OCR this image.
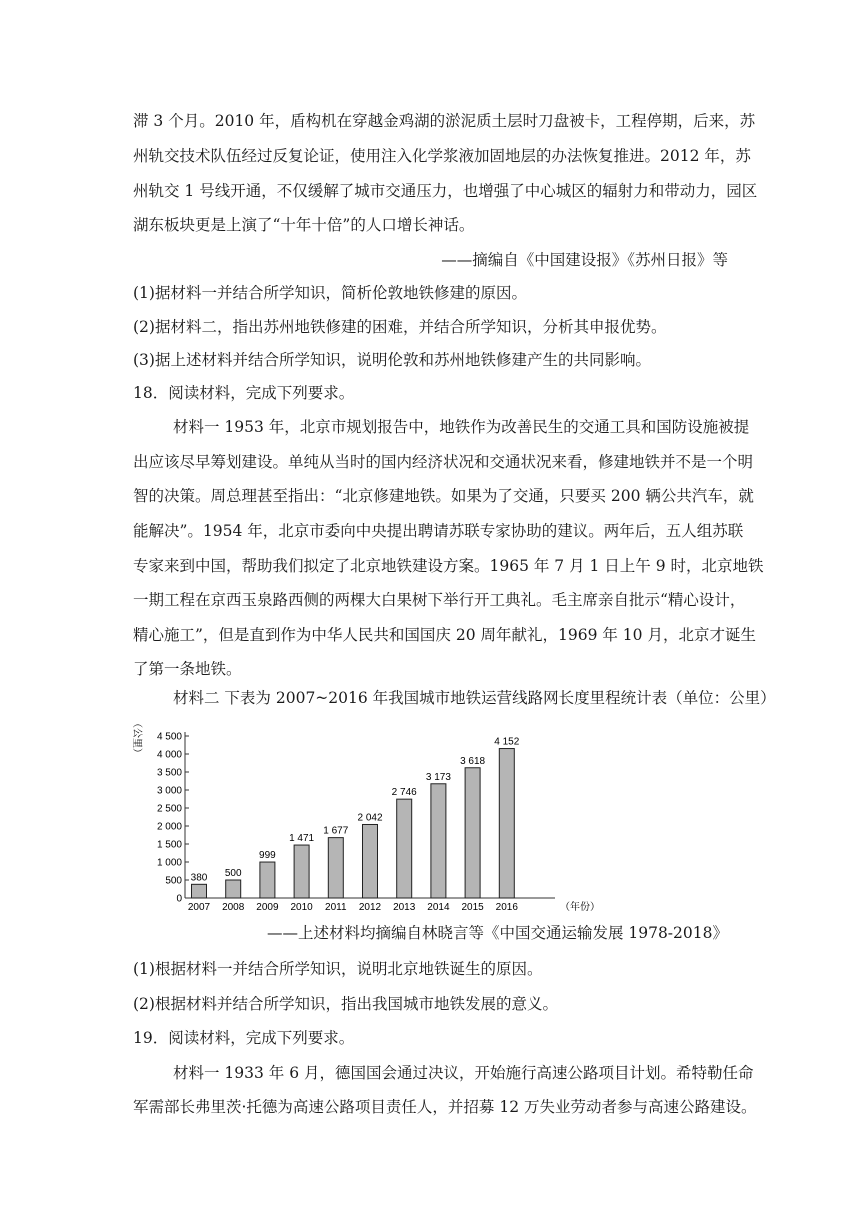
滞 3 个月。2010 年，盾构机在穿越金鸡湖的淤泥质土层时刀盘被卡，工程停期，后来，苏
州轨交技术队伍经过反复论证，使用注入化学浆液加固地层的办法恢复推进。2012 年，苏
州轨交 1 号线开通，不仅缓解了城市交通压力，也增强了中心城区的辐射力和带动力，园区
湖东板块更是上演了“十年十倍”的人口增长神话。
——摘编自《中国建设报》《苏州日报》等
(1)据材料一并结合所学知识，简析伦敦地铁修建的原因。
(2)据材料二，指出苏州地铁修建的困难，并结合所学知识，分析其申报优势。
(3)据上述材料并结合所学知识，说明伦敦和苏州地铁修建产生的共同影响。
18．阅读材料，完成下列要求。
材料一 1953 年，北京市规划报告中，地铁作为改善民生的交通工具和国防设施被提
出应该尽早筹划建设。单纯从当时的国内经济状况和交通状况来看，修建地铁并不是一个明
智的决策。周总理甚至指出：“北京修建地铁。如果为了交通，只要买 200 辆公共汽车，就
能解决”。1954 年，北京市委向中央提出聘请苏联专家协助的建议。两年后，五人组苏联
专家来到中国，帮助我们拟定了北京地铁建设方案。1965 年 7 月 1 日上午 9 时，北京地铁
一期工程在京西玉泉路西侧的两棵大白果树下举行开工典礼。毛主席亲自批示“精心设计，
精心施工”，但是直到作为中华人民共和国国庆 20 周年献礼，1969 年 10 月，北京才诞生
了第一条地铁。
材料二 下表为 2007~2016 年我国城市地铁运营线路网长度里程统计表（单位：公里）
0
500
1 000
1 500
2 000
2 500
3 000
3 500
4 000
4 500
380 500
999
1 471
1 677
2 042
2 746
3 173
3 618
4 152
2007 2008 2009 2010 2011 2012 2013 2014 2015 2016
（公里）
（年份）
——上述材料均摘编自林晓言等《中国交通运输发展 1978-2018》
(1)根据材料一并结合所学知识，说明北京地铁诞生的原因。
(2)根据材料并结合所学知识，指出我国城市地铁发展的意义。
19．阅读材料，完成下列要求。
材料一 1933 年 6 月，德国国会通过决议，开始施行高速公路项目计划。希特勒任命
军需部长弗里茨·托德为高速公路项目责任人，并招募 12 万失业劳动者参与高速公路建设。
